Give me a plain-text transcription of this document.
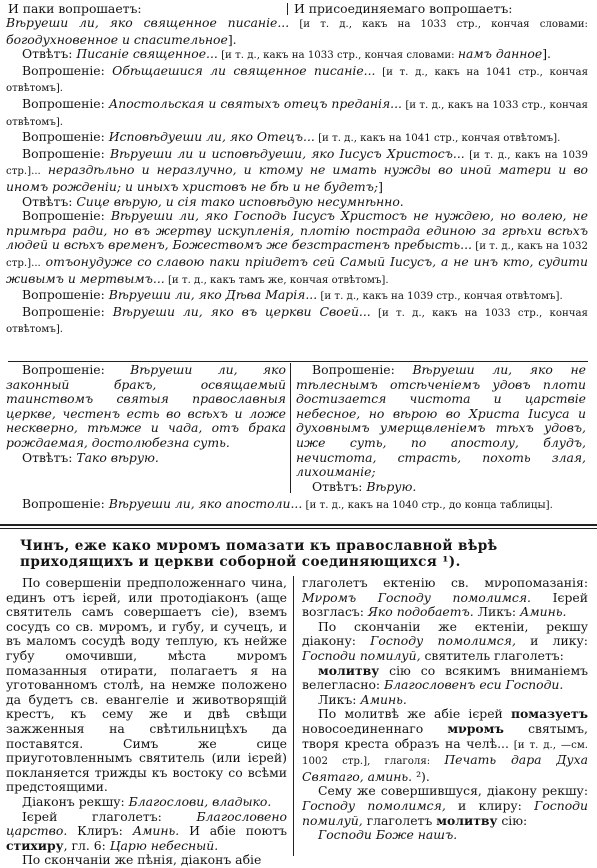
И паки вопрошаетъ:	И присоединяемаго вопрошаетъ:

Вѣруеши ли, яко священное писаніе... [и т. д., какъ на 1033 стр., кончая словами: богодухновенное и спасительное].

Отвѣтъ: Писаніе священное... [и т. д., какъ на 1033 стр., кончая словами: намъ данное].

Вопрошеніе: Обѣщаешися ли священное писаніе... [и т. д., какъ на 1041 стр., кончая отвѣтомъ].

Вопрошеніе: Апостольская и святыхъ отецъ преданія... [и т. д., какъ на 1033 стр., кончая отвѣтомъ].

Вопрошеніе: Исповѣдуеши ли, яко Отецъ... [и т. д., какъ на 1041 стр., кончая отвѣтомъ].

Вопрошеніе: Вѣруеши ли и исповѣдуеши, яко Іисусъ Христосъ... [и т. д., какъ на 1039 стр.]... нераздѣльно и неразлучно, и ктому не имать нужды во иной матери и во иномъ рожденіи; и иныхъ христовъ не бѣ и не будетъ;]

Отвѣтъ: Сице вѣрую, и сія тако исповѣдую несумнѣнно.

Вопрошеніе: Вѣруеши ли, яко Господь Іисусъ Христосъ не нуждею, но волею, не примѣра ради, но въ жертву искупленія, плотію пострада единою за грѣхи всѣхъ людей и всѣхъ временъ, Божествомъ же безстрастенъ пребысть... [и т. д., какъ на 1032 стр.]... отъонудуже со славою паки пріидетъ сей Самый Іисусъ, а не инъ кто, судити живымъ и мертвымъ... [и т. д., какъ тамъ же, кончая отвѣтомъ].

Вопрошеніе: Вѣруеши ли, яко Дѣва Марія... [и т. д., какъ на 1039 стр., кончая отвѣтомъ].

Вопрошеніе: Вѣруеши ли, яко въ церкви Своей... [и т. д., какъ на 1033 стр., кончая отвѣтомъ].

Вопрошеніе: Вѣруеши ли, яко законный бракъ, освящаемый таинствомъ святыя православныя церкве, честенъ есть во всѣхъ и ложе нескверно, тѣмже и чада, отъ брака рождаемая, достолюбезна суть.

Отвѣтъ: Тако вѣрую.

Вопрошеніе: Вѣруеши ли, яко не тѣлеснымъ отсѣченіемъ удовъ плоти достизается чистота и царствіе небесное, но вѣрою во Христа Іисуса и духовнымъ умерщвленіемъ тѣхъ удовъ, иже суть, по апостолу, блудъ, нечистота, страсть, похоть злая, лихоиманіе;

Отвѣтъ: Вѣрую.

Вопрошеніе: Вѣруеши ли, яко апостоли... [и т. д., какъ на 1040 стр., до конца таблицы].

Чинъ, еже како мνромъ помазати къ православной вѣрѣ приходящихъ и церкви соборной соединяющихся ¹).

По совершеніи предположеннаго чина, единъ отъ ієрей, или протодіаконъ (аще святитель самъ совершаетъ сіе), вземъ сосудъ со св. мνромъ, и губу, и сучецъ, и въ маломъ сосудѣ воду теплую, къ нейже губу омочивши, мѣста мνромъ помазанныя отирати, полагаетъ я на уготованномъ столѣ, на немже положено да будетъ св. евангеліе и животворящій крестъ, къ сему же и двѣ свѣщи зажженныя на свѣтильницѣхъ да поставятся. Симъ же сице приуготовленнымъ святитель (или ієрей) покланяется трижды къ востоку со всѣми предстоящими.

Діаконъ рекшу: Благослови, владыко.

Ієрей глаголетъ: Благословено царство. Клиръ: Аминь. И абіе поютъ стихиру, гл. 6: Царю небесный.

По скончаніи же пѣнія, діаконъ абіе

глаголетъ ектенію св. мνропомазанія: Мνромъ Господу помолимся. Ієрей возгласъ: Яко подобаетъ. Ликъ: Аминь.

По скончаніи же ектеніи, рекшу діакону: Господу помолимся, и лику: Господи помилуй, святитель глаголетъ:

молитву сію со всякимъ вниманіемъ велегласно: Благословенъ еси Господи.

Ликъ: Аминь.

По молитвѣ же абіе ієрей помазуетъ новосоединеннаго мνромъ святымъ, творя креста образъ на челѣ... [и т. д., —см. 1002 стр.], глаголя: Печать дара Духа Святаго, аминь. ²).

Сему же совершившуся, діакону рекшу: Господу помолимся, и клиру: Господи помилуй, глаголетъ молитву сію:

Господи Боже нашъ.
